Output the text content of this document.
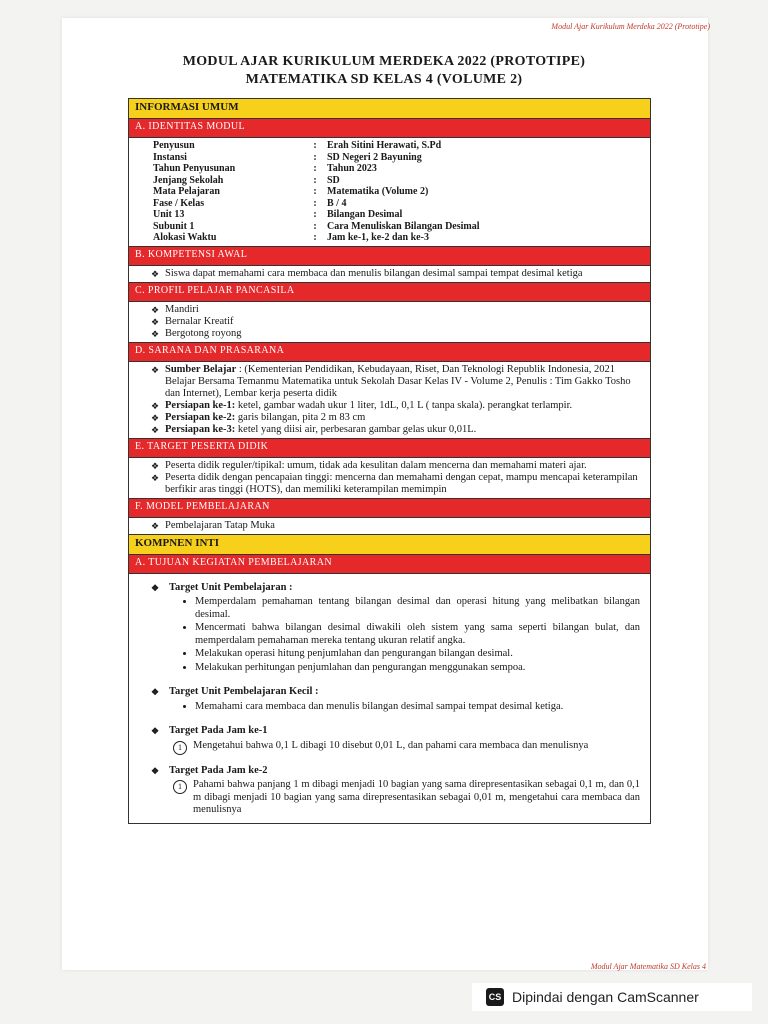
Modul Ajar Kurikulum Merdeka 2022 (Prototipe)
MODUL AJAR KURIKULUM MERDEKA 2022 (PROTOTIPE)
MATEMATIKA SD KELAS 4 (VOLUME 2)
INFORMASI UMUM
A. IDENTITAS MODUL
Penyusun	:	Erah Sitini Herawati, S.Pd
Instansi	:	SD Negeri 2 Bayuning
Tahun Penyusunan	:	Tahun 2023
Jenjang Sekolah	:	SD
Mata Pelajaran	:	Matematika (Volume 2)
Fase / Kelas	:	B / 4
Unit 13	:	Bilangan Desimal
Subunit 1	:	Cara Menuliskan Bilangan Desimal
Alokasi Waktu	:	Jam ke-1, ke-2 dan ke-3
B. KOMPETENSI AWAL
❖ Siswa dapat memahami cara membaca dan menulis bilangan desimal sampai tempat desimal ketiga
C. PROFIL PELAJAR PANCASILA
❖ Mandiri
❖ Bernalar Kreatif
❖ Bergotong royong
D. SARANA DAN PRASARANA
❖ Sumber Belajar : (Kementerian Pendidikan, Kebudayaan, Riset, Dan Teknologi Republik Indonesia, 2021 Belajar Bersama Temanmu Matematika untuk Sekolah Dasar Kelas IV - Volume 2, Penulis : Tim Gakko Tosho dan Internet), Lembar kerja peserta didik
❖ Persiapan ke-1: ketel, gambar wadah ukur 1 liter, 1dL, 0,1 L ( tanpa skala). perangkat terlampir.
❖ Persiapan ke-2: garis bilangan, pita 2 m 83 cm
❖ Persiapan ke-3: ketel yang diisi air, perbesaran gambar gelas ukur 0,01L.
E. TARGET PESERTA DIDIK
❖ Peserta didik reguler/tipikal: umum, tidak ada kesulitan dalam mencerna dan memahami materi ajar.
❖ Peserta didik dengan pencapaian tinggi: mencerna dan memahami dengan cepat, mampu mencapai keterampilan berfikir aras tinggi (HOTS), dan memiliki keterampilan memimpin
F. MODEL PEMBELAJARAN
❖ Pembelajaran Tatap Muka
KOMPNEN INTI
A. TUJUAN KEGIATAN PEMBELAJARAN
❖ Target Unit Pembelajaran :
• Memperdalam pemahaman tentang bilangan desimal dan operasi hitung yang melibatkan bilangan desimal.
• Mencermati bahwa bilangan desimal diwakili oleh sistem yang sama seperti bilangan bulat, dan memperdalam pemahaman mereka tentang ukuran relatif angka.
• Melakukan operasi hitung penjumlahan dan pengurangan bilangan desimal.
• Melakukan perhitungan penjumlahan dan pengurangan menggunakan sempoa.
❖ Target Unit Pembelajaran Kecil :
• Memahami cara membaca dan menulis bilangan desimal sampai tempat desimal ketiga.
❖ Target Pada Jam ke-1
1	Mengetahui bahwa 0,1 L dibagi 10 disebut 0,01 L, dan pahami cara membaca dan menulisnya
❖ Target Pada Jam ke-2
1	Pahami bahwa panjang 1 m dibagi menjadi 10 bagian yang sama direpresentasikan sebagai 0,1 m, dan 0,1 m dibagi menjadi 10 bagian yang sama direpresentasikan sebagai 0,01 m, mengetahui cara membaca dan menulisnya
Modul Ajar Matematika SD Kelas 4
CS Dipindai dengan CamScanner
